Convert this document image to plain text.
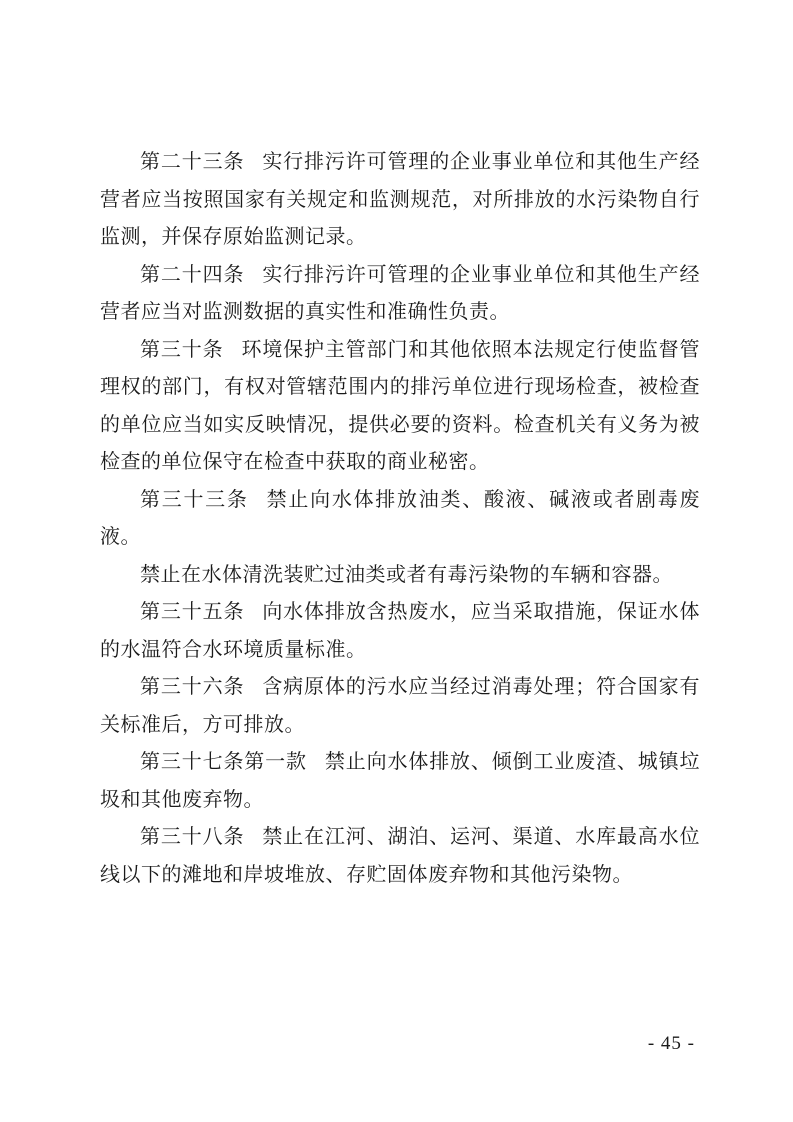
第二十三条 实行排污许可管理的企业事业单位和其他生产经营者应当按照国家有关规定和监测规范，对所排放的水污染物自行监测，并保存原始监测记录。

第二十四条 实行排污许可管理的企业事业单位和其他生产经营者应当对监测数据的真实性和准确性负责。

第三十条 环境保护主管部门和其他依照本法规定行使监督管理权的部门，有权对管辖范围内的排污单位进行现场检查，被检查的单位应当如实反映情况，提供必要的资料。检查机关有义务为被检查的单位保守在检查中获取的商业秘密。

第三十三条 禁止向水体排放油类、酸液、碱液或者剧毒废液。

禁止在水体清洗装贮过油类或者有毒污染物的车辆和容器。

第三十五条 向水体排放含热废水，应当采取措施，保证水体的水温符合水环境质量标准。

第三十六条 含病原体的污水应当经过消毒处理；符合国家有关标准后，方可排放。

第三十七条第一款 禁止向水体排放、倾倒工业废渣、城镇垃圾和其他废弃物。

第三十八条 禁止在江河、湖泊、运河、渠道、水库最高水位线以下的滩地和岸坡堆放、存贮固体废弃物和其他污染物。

- 45 -
